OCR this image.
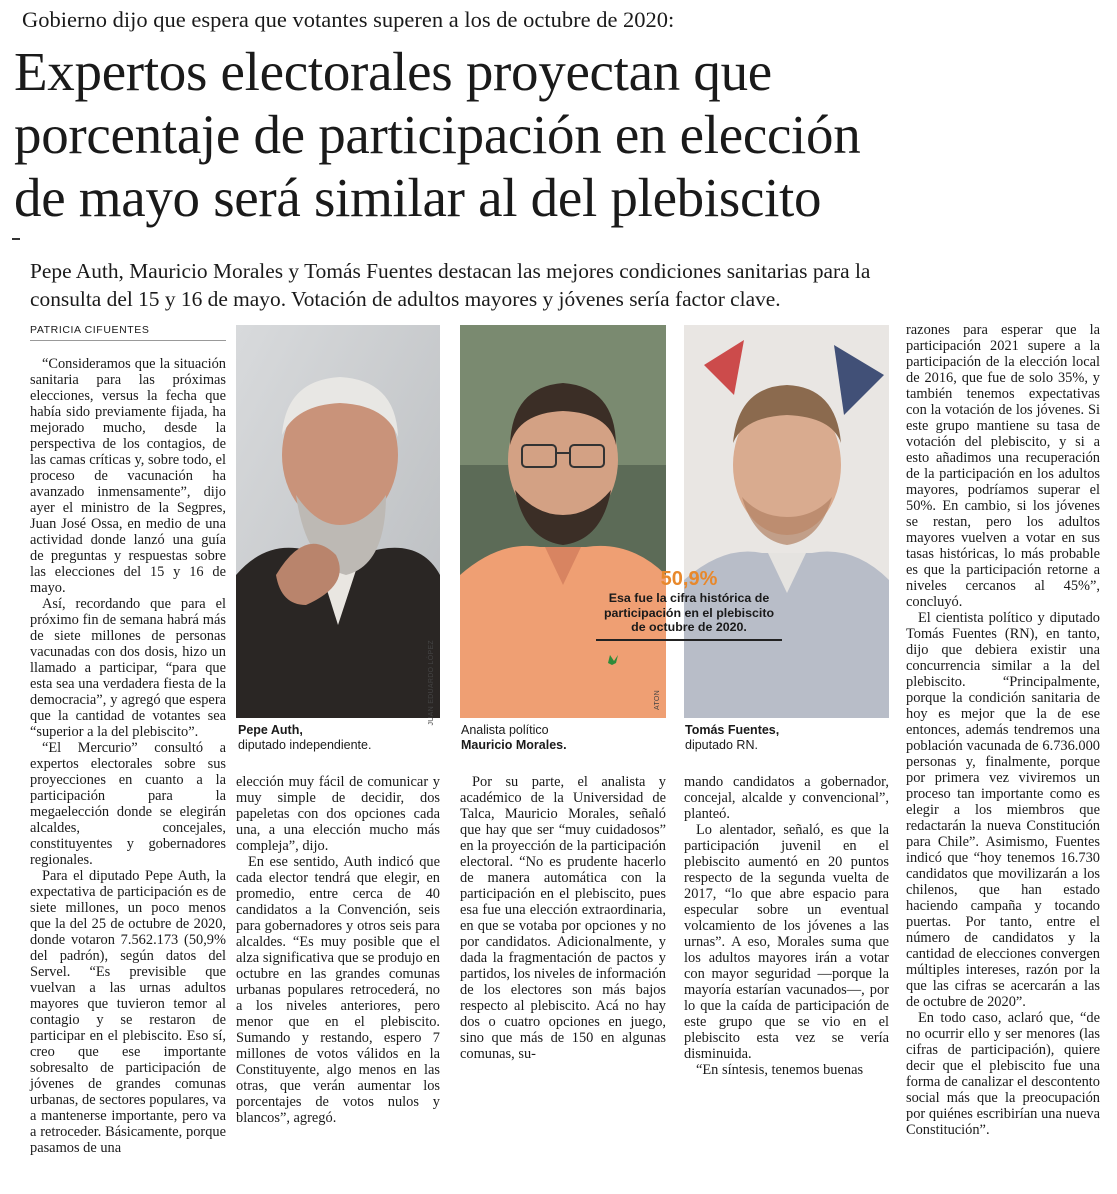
Gobierno dijo que espera que votantes superen a los de octubre de 2020:
Expertos electorales proyectan que
porcentaje de participación en elección
de mayo será similar al del plebiscito
Pepe Auth, Mauricio Morales y Tomás Fuentes destacan las mejores condiciones sanitarias para la
consulta del 15 y 16 de mayo. Votación de adultos mayores y jóvenes sería factor clave.
PATRICIA CIFUENTES

“Consideramos que la situación sanitaria para las próximas elecciones, versus la fecha que había sido previamente fijada, ha mejorado mucho, desde la perspectiva de los contagios, de las camas críticas y, sobre todo, el proceso de vacunación ha avanzado inmensamente”, dijo ayer el ministro de la Segpres, Juan José Ossa, en medio de una actividad donde lanzó una guía de preguntas y respuestas sobre las elecciones del 15 y 16 de mayo.

Así, recordando que para el próximo fin de semana habrá más de siete millones de personas vacunadas con dos dosis, hizo un llamado a participar, “para que esta sea una verdadera fiesta de la democracia”, y agregó que espera que la cantidad de votantes sea “superior a la del plebiscito”.

“El Mercurio” consultó a expertos electorales sobre sus proyecciones en cuanto a la participación para la megaelección donde se elegirán alcaldes, concejales, constituyentes y gobernadores regionales.

Para el diputado Pepe Auth, la expectativa de participación es de siete millones, un poco menos que la del 25 de octubre de 2020, donde votaron 7.562.173 (50,9% del padrón), según datos del Servel. “Es previsible que vuelvan a las urnas adultos mayores que tuvieron temor al contagio y se restaron de participar en el plebiscito. Eso sí, creo que ese importante sobresalto de participación de jóvenes de grandes comunas urbanas, de sectores populares, va a mantenerse importante, pero va a retroceder. Básicamente, porque pasamos de una

JUAN EDUARDO LÓPEZ	ATON
Pepe Auth,
diputado independiente.
Analista político
Mauricio Morales.
Tomás Fuentes,
diputado RN.

elección muy fácil de comunicar y muy simple de decidir, dos papeletas con dos opciones cada una, a una elección mucho más compleja”, dijo.

En ese sentido, Auth indicó que cada elector tendrá que elegir, en promedio, entre cerca de 40 candidatos a la Convención, seis para gobernadores y otros seis para alcaldes. “Es muy posible que el alza significativa que se produjo en octubre en las grandes comunas urbanas populares retrocederá, no a los niveles anteriores, pero menor que en el plebiscito. Sumando y restando, espero 7 millones de votos válidos en la Constituyente, algo menos en las otras, que verán aumentar los porcentajes de votos nulos y blancos”, agregó.

Por su parte, el analista y académico de la Universidad de Talca, Mauricio Morales, señaló que hay que ser “muy cuidadosos” en la proyección de la participación electoral. “No es prudente hacerlo de manera automática con la participación en el plebiscito, pues esa fue una elección extraordinaria, en que se votaba por opciones y no por candidatos. Adicionalmente, y dada la fragmentación de pactos y partidos, los niveles de información de los electores son más bajos respecto al plebiscito. Acá no hay dos o cuatro opciones en juego, sino que más de 150 en algunas comunas, su-

mando candidatos a gobernador, concejal, alcalde y convencional”, planteó.

Lo alentador, señaló, es que la participación juvenil en el plebiscito aumentó en 20 puntos respecto de la segunda vuelta de 2017, “lo que abre espacio para especular sobre un eventual volcamiento de los jóvenes a las urnas”. A eso, Morales suma que los adultos mayores irán a votar con mayor seguridad —porque la mayoría estarían vacunados—, por lo que la caída de participación de este grupo que se vio en el plebiscito esta vez se vería disminuida.

“En síntesis, tenemos buenas

50,9%
Esa fue la cifra histórica de participación en el plebiscito de octubre de 2020.

razones para esperar que la participación 2021 supere a la participación de la elección local de 2016, que fue de solo 35%, y también tenemos expectativas con la votación de los jóvenes. Si este grupo mantiene su tasa de votación del plebiscito, y si a esto añadimos una recuperación de la participación en los adultos mayores, podríamos superar el 50%. En cambio, si los jóvenes se restan, pero los adultos mayores vuelven a votar en sus tasas históricas, lo más probable es que la participación retorne a niveles cercanos al 45%”, concluyó.

El cientista político y diputado Tomás Fuentes (RN), en tanto, dijo que debiera existir una concurrencia similar a la del plebiscito. “Principalmente, porque la condición sanitaria de hoy es mejor que la de ese entonces, además tendremos una población vacunada de 6.736.000 personas y, finalmente, porque por primera vez viviremos un proceso tan importante como es elegir a los miembros que redactarán la nueva Constitución para Chile”. Asimismo, Fuentes indicó que “hoy tenemos 16.730 candidatos que movilizarán a los chilenos, que han estado haciendo campaña y tocando puertas. Por tanto, entre el número de candidatos y la cantidad de elecciones convergen múltiples intereses, razón por la que las cifras se acercarán a las de octubre de 2020”.

En todo caso, aclaró que, “de no ocurrir ello y ser menores (las cifras de participación), quiere decir que el plebiscito fue una forma de canalizar el descontento social más que la preocupación por quiénes escribirían una nueva Constitución”.
